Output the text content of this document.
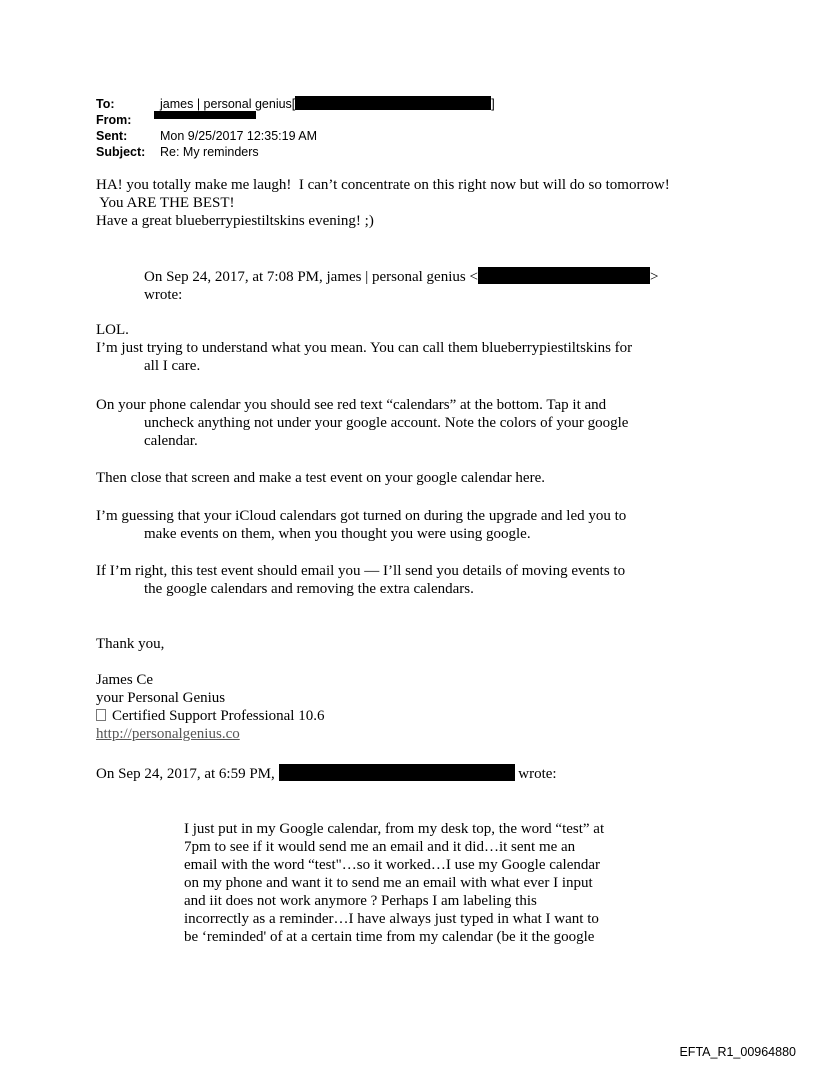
To:	james | personal genius[	]
From:
Sent:	Mon 9/25/2017 12:35:19 AM
Subject:	Re: My reminders
HA! you totally make me laugh!  I can’t concentrate on this right now but will do so tomorrow!
You ARE THE BEST!
Have a great blueberrypiestiltskins evening! ;)
On Sep 24, 2017, at 7:08 PM, james | personal genius <	>
wrote:
LOL.
I’m just trying to understand what you mean. You can call them blueberrypiestiltskins for
all I care.
On your phone calendar you should see red text “calendars” at the bottom. Tap it and
uncheck anything not under your google account. Note the colors of your google
calendar.
Then close that screen and make a test event on your google calendar here.
I’m guessing that your iCloud calendars got turned on during the upgrade and led you to
make events on them, when you thought you were using google.
If I’m right, this test event should email you — I’ll send you details of moving events to
the google calendars and removing the extra calendars.
Thank you,
James Ce
your Personal Genius
Certified Support Professional 10.6
http://personalgenius.co
On Sep 24, 2017, at 6:59 PM,	wrote:
I just put in my Google calendar, from my desk top, the word “test” at
7pm to see if it would send me an email and it did…it sent me an
email with the word “test"…so it worked…I use my Google calendar
on my phone and want it to send me an email with what ever I input
and iit does not work anymore ? Perhaps I am labeling this
incorrectly as a reminder…I have always just typed in what I want to
be ‘reminded' of at a certain time from my calendar (be it the google
EFTA_R1_00964880
